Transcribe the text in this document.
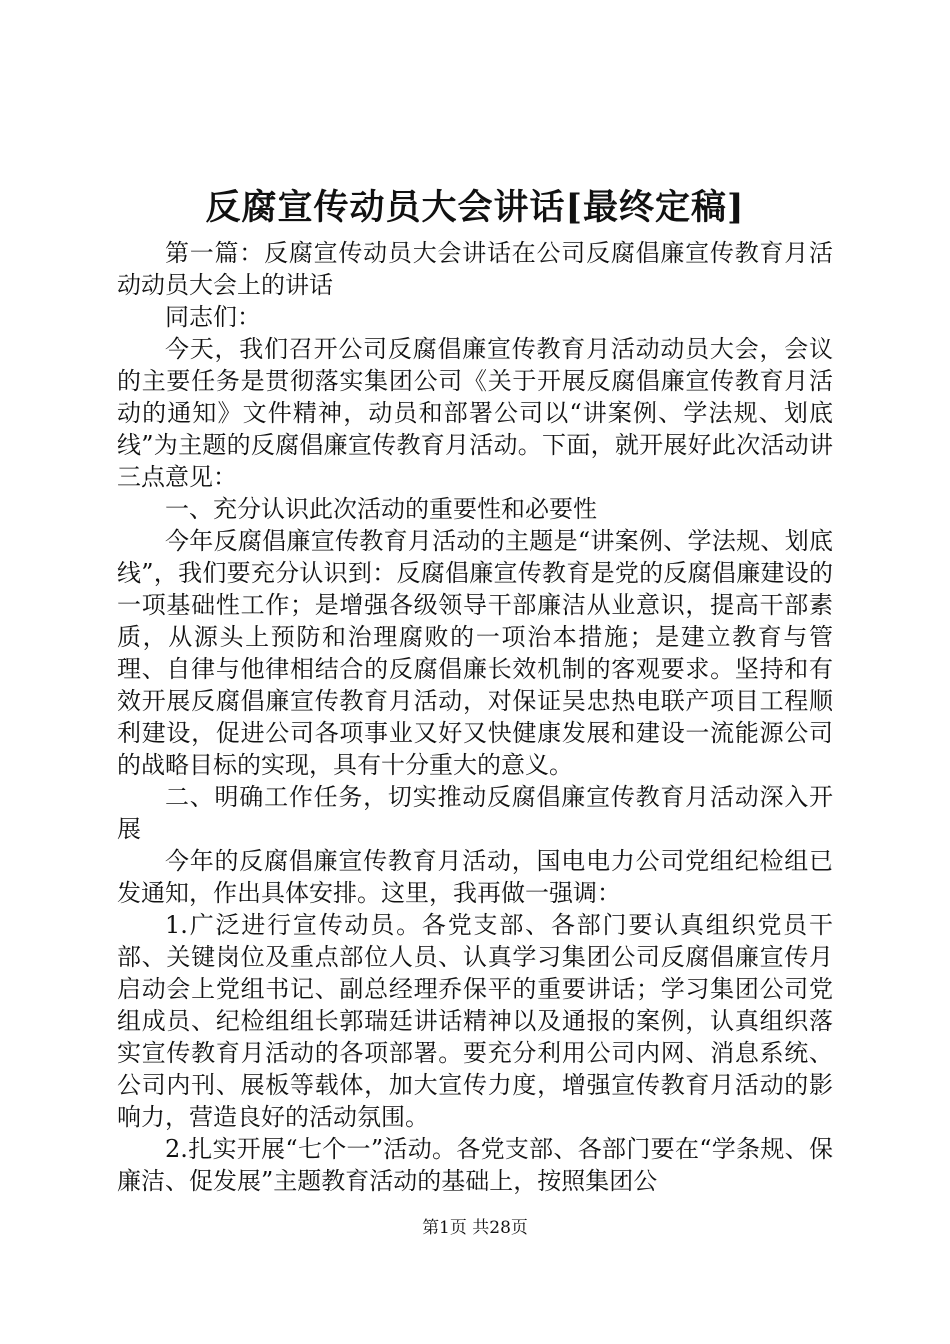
反腐宣传动员大会讲话[最终定稿]

第一篇：反腐宣传动员大会讲话在公司反腐倡廉宣传教育月活动动员大会上的讲话

同志们：

今天，我们召开公司反腐倡廉宣传教育月活动动员大会，会议的主要任务是贯彻落实集团公司《关于开展反腐倡廉宣传教育月活动的通知》文件精神，动员和部署公司以“讲案例、学法规、划底线”为主题的反腐倡廉宣传教育月活动。下面，就开展好此次活动讲三点意见：

一、充分认识此次活动的重要性和必要性

今年反腐倡廉宣传教育月活动的主题是“讲案例、学法规、划底线”，我们要充分认识到：反腐倡廉宣传教育是党的反腐倡廉建设的一项基础性工作；是增强各级领导干部廉洁从业意识，提高干部素质，从源头上预防和治理腐败的一项治本措施；是建立教育与管理、自律与他律相结合的反腐倡廉长效机制的客观要求。坚持和有效开展反腐倡廉宣传教育月活动，对保证吴忠热电联产项目工程顺利建设，促进公司各项事业又好又快健康发展和建设一流能源公司的战略目标的实现，具有十分重大的意义。

二、明确工作任务，切实推动反腐倡廉宣传教育月活动深入开展

今年的反腐倡廉宣传教育月活动，国电电力公司党组纪检组已发通知，作出具体安排。这里，我再做一强调：

1.广泛进行宣传动员。各党支部、各部门要认真组织党员干部、关键岗位及重点部位人员、认真学习集团公司反腐倡廉宣传月启动会上党组书记、副总经理乔保平的重要讲话；学习集团公司党组成员、纪检组组长郭瑞廷讲话精神以及通报的案例，认真组织落实宣传教育月活动的各项部署。要充分利用公司内网、消息系统、公司内刊、展板等载体，加大宣传力度，增强宣传教育月活动的影响力，营造良好的活动氛围。

2.扎实开展“七个一”活动。各党支部、各部门要在“学条规、保廉洁、促发展”主题教育活动的基础上，按照集团公

第1页 共28页
